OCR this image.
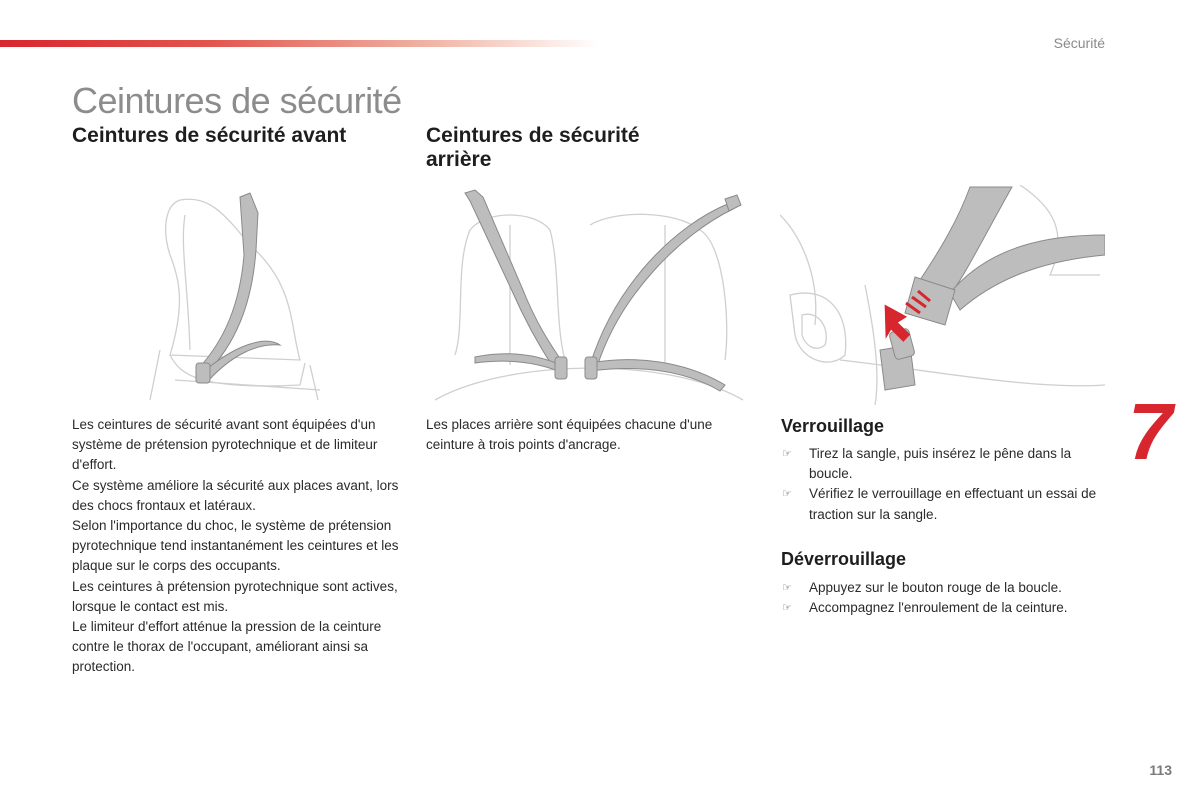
Sécurité
Ceintures de sécurité
Ceintures de sécurité avant	Ceintures de sécurité
arrière

Les ceintures de sécurité avant sont équipées d'un système de prétension pyrotechnique et de limiteur d'effort.

Ce système améliore la sécurité aux places avant, lors des chocs frontaux et latéraux.

Selon l'importance du choc, le système de prétension pyrotechnique tend instantanément les ceintures et les plaque sur le corps des occupants.

Les ceintures à prétension pyrotechnique sont actives, lorsque le contact est mis.

Le limiteur d'effort atténue la pression de la ceinture contre le thorax de l'occupant, améliorant ainsi sa protection.

Les places arrière sont équipées chacune d'une ceinture à trois points d'ancrage.

Verrouillage
☞ Tirez la sangle, puis insérez le pêne dans la boucle.
☞ Vérifiez le verrouillage en effectuant un essai de traction sur la sangle.
Déverrouillage
☞ Appuyez sur le bouton rouge de la boucle.
☞ Accompagnez l'enroulement de la ceinture.
7
113
